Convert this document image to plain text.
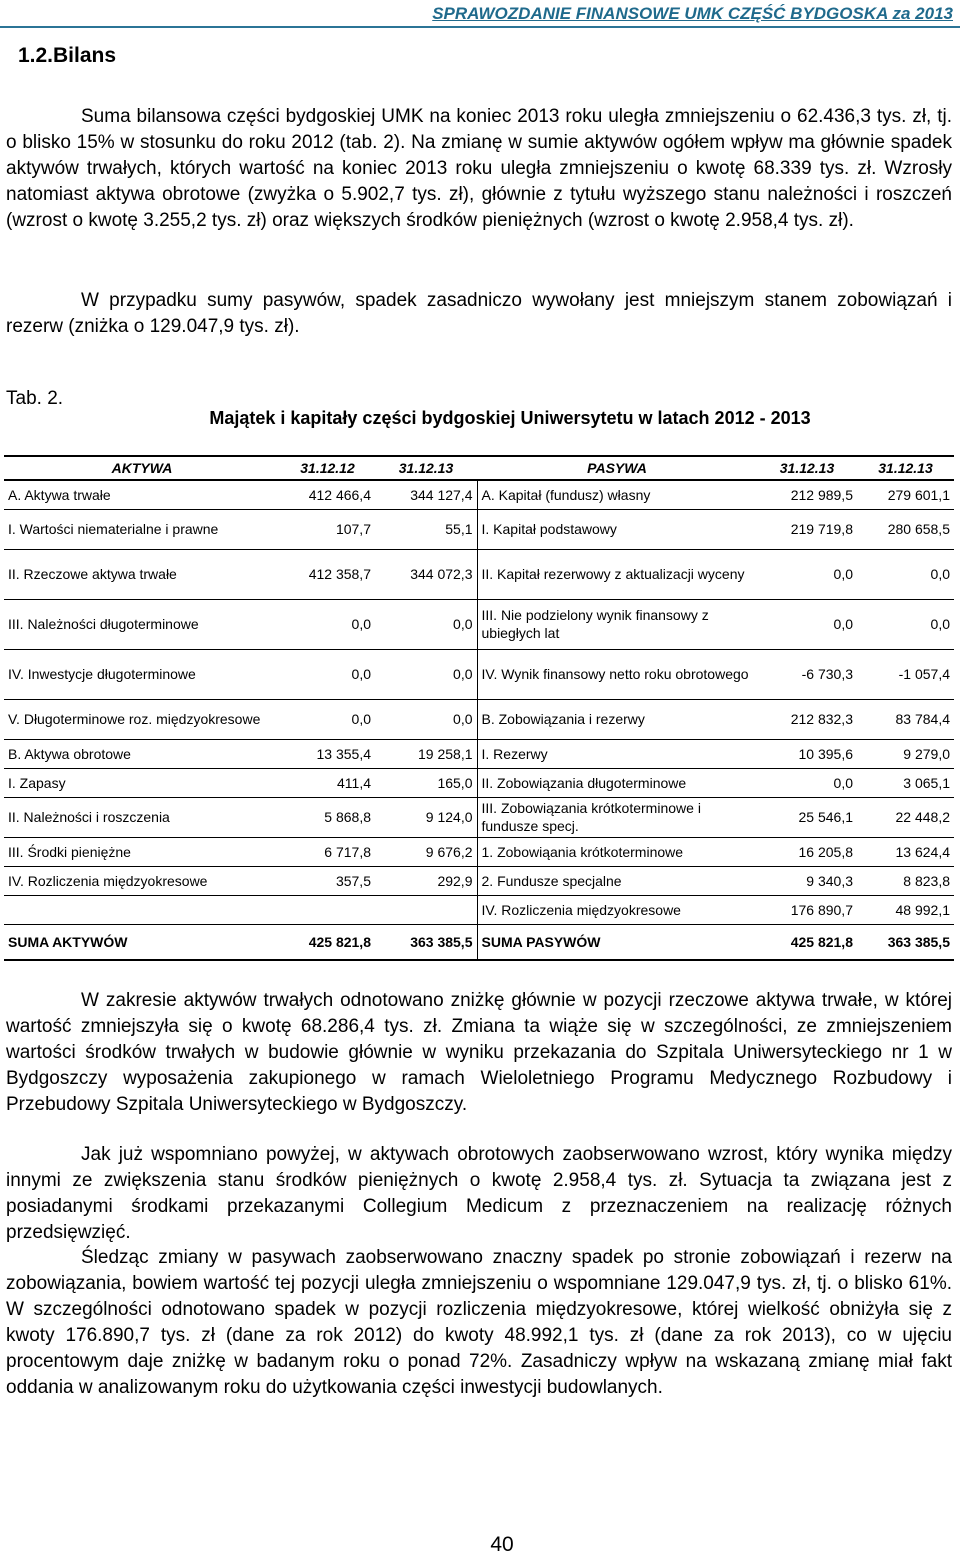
SPRAWOZDANIE FINANSOWE UMK CZĘŚĆ BYDGOSKA za 2013
1.2.Bilans

Suma bilansowa części bydgoskiej UMK na koniec 2013 roku uległa zmniejszeniu o 62.436,3 tys. zł, tj. o blisko 15% w stosunku do roku 2012 (tab. 2). Na zmianę w sumie aktywów ogółem wpływ ma głównie spadek aktywów trwałych, których wartość na koniec 2013 roku uległa zmniejszeniu o kwotę 68.339 tys. zł. Wzrosły natomiast aktywa obrotowe (zwyżka o 5.902,7 tys. zł), głównie z tytułu wyższego stanu należności i roszczeń (wzrost o kwotę 3.255,2 tys. zł) oraz większych środków pieniężnych (wzrost o kwotę 2.958,4 tys. zł).

W przypadku sumy pasywów, spadek zasadniczo wywołany jest mniejszym stanem zobowiązań i rezerw (zniżka o 129.047,9 tys. zł).

Tab. 2.
Majątek i kapitały części bydgoskiej Uniwersytetu w latach 2012 - 2013
AKTYWA	31.12.12	31.12.13	PASYWA	31.12.13	31.12.13
A. Aktywa trwałe	412 466,4	344 127,4	A. Kapitał (fundusz) własny	212 989,5	279 601,1
I. Wartości niematerialne i prawne	107,7	55,1	I. Kapitał podstawowy	219 719,8	280 658,5
II. Rzeczowe aktywa trwałe	412 358,7	344 072,3	II. Kapitał rezerwowy z aktualizacji wyceny	0,0	0,0
III. Należności długoterminowe	0,0	0,0	III. Nie podzielony wynik finansowy z ubiegłych lat	0,0	0,0
IV. Inwestycje długoterminowe	0,0	0,0	IV. Wynik finansowy netto roku obrotowego	-6 730,3	-1 057,4
V. Długoterminowe roz. międzyokresowe	0,0	0,0	B. Zobowiązania i rezerwy	212 832,3	83 784,4
B. Aktywa obrotowe	13 355,4	19 258,1	I. Rezerwy	10 395,6	9 279,0
I. Zapasy	411,4	165,0	II. Zobowiązania długoterminowe	0,0	3 065,1
II. Należności i roszczenia	5 868,8	9 124,0	III. Zobowiązania krótkoterminowe i fundusze specj.	25 546,1	22 448,2
III. Środki pieniężne	6 717,8	9 676,2	1. Zobowiąania krótkoterminowe	16 205,8	13 624,4
IV. Rozliczenia międzyokresowe	357,5	292,9	2. Fundusze specjalne	9 340,3	8 823,8
			IV. Rozliczenia międzyokresowe	176 890,7	48 992,1
SUMA AKTYWÓW	425 821,8	363 385,5	SUMA PASYWÓW	425 821,8	363 385,5

W zakresie aktywów trwałych odnotowano zniżkę głównie w pozycji rzeczowe aktywa trwałe, w której wartość zmniejszyła się o kwotę 68.286,4 tys. zł. Zmiana ta wiąże się w szczególności, ze zmniejszeniem wartości środków trwałych w budowie głównie w wyniku przekazania do Szpitala Uniwersyteckiego nr 1 w Bydgoszczy wyposażenia zakupionego w ramach Wieloletniego Programu Medycznego Rozbudowy i Przebudowy Szpitala Uniwersyteckiego w Bydgoszczy.

Jak już wspomniano powyżej, w aktywach obrotowych zaobserwowano wzrost, który wynika między innymi ze zwiększenia stanu środków pieniężnych o kwotę 2.958,4 tys. zł. Sytuacja ta związana jest z posiadanymi środkami przekazanymi Collegium Medicum z przeznaczeniem na realizację różnych przedsięwzięć.

Śledząc zmiany w pasywach zaobserwowano znaczny spadek po stronie zobowiązań i rezerw na zobowiązania, bowiem wartość tej pozycji uległa zmniejszeniu o wspomniane 129.047,9 tys. zł, tj. o blisko 61%. W szczególności odnotowano spadek w pozycji rozliczenia międzyokresowe, której wielkość obniżyła się z kwoty 176.890,7 tys. zł (dane za rok 2012) do kwoty 48.992,1 tys. zł (dane za rok 2013), co w ujęciu procentowym daje zniżkę w badanym roku o ponad 72%. Zasadniczy wpływ na wskazaną zmianę miał fakt oddania w analizowanym roku do użytkowania części inwestycji budowlanych.

40
